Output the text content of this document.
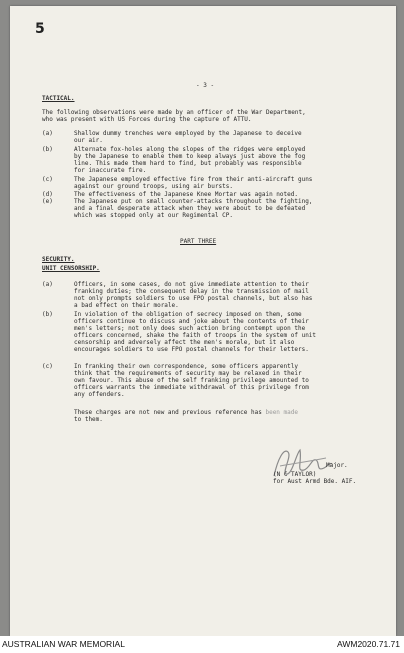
5
- 3 -
TACTICAL.
The following observations were made by an officer of the War Department,
who was present with US Forces during the capture of ATTU.
(a)	Shallow dummy trenches were employed by the Japanese to deceive
our air.
(b)	Alternate fox-holes along the slopes of the ridges were employed
by the Japanese to enable them to keep always just above the fog
line. This made them hard to find, but probably was responsible
for inaccurate fire.
(c)	The Japanese employed effective fire from their anti-aircraft guns
against our ground troops, using air bursts.
(d)	The effectiveness of the Japanese Knee Mortar was again noted.
(e)	The Japanese put on small counter-attacks throughout the fighting,
and a final desperate attack when they were about to be defeated
which was stopped only at our Regimental CP.
PART THREE
SECURITY.
UNIT CENSORSHIP.
(a)	Officers, in some cases, do not give immediate attention to their
franking duties; the consequent delay in the transmission of mail
not only prompts soldiers to use FPO postal channels, but also has
a bad effect on their morale.
(b)	In violation of the obligation of secrecy imposed on them, some
officers continue to discuss and joke about the contents of their
men's letters; not only does such action bring contempt upon the
officers concerned, shake the faith of troops in the system of unit
censorship and adversely affect the men's morale, but it also
encourages soldiers to use FPO postal channels for their letters.
(c)	In franking their own correspondence, some officers apparently
think that the requirements of security may be relaxed in their
own favour. This abuse of the self franking privilege amounted to
officers warrants the immediate withdrawal of this privilege from
any offenders.
These charges are not new and previous reference has been made
to them.
Major.
(N C TAYLOR)
for Aust Armd Bde. AIF.
AUSTRALIAN WAR MEMORIAL	AWM2020.71.71
